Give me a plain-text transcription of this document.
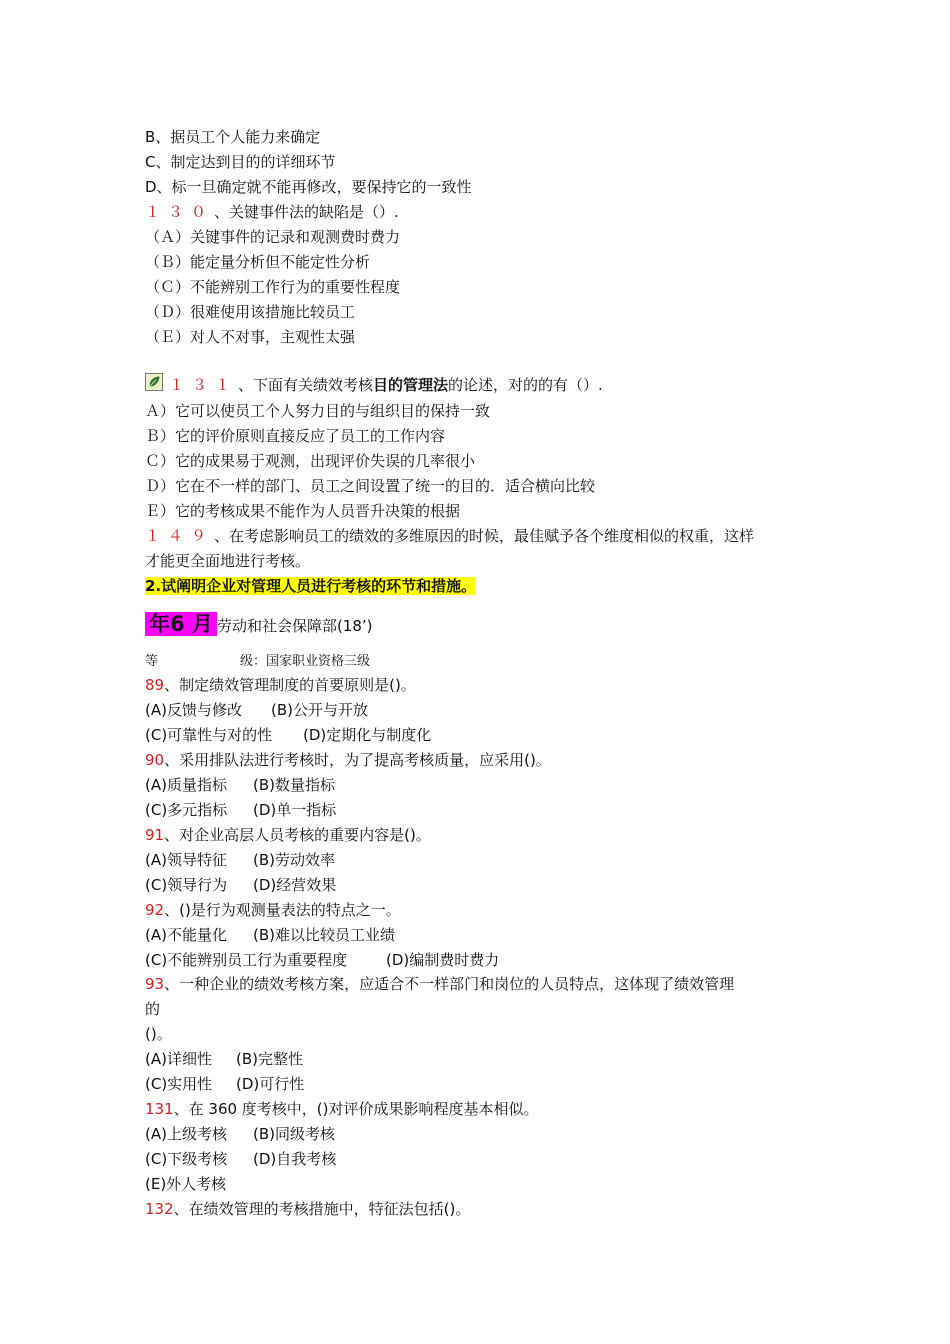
B、据员工个人能力来确定
C、制定达到目的的详细环节
D、标一旦确定就不能再修改，要保持它的一致性
１３０、关键事件法的缺陷是（）.
（Ａ）关键事件的记录和观测费时费力
（Ｂ）能定量分析但不能定性分析
（Ｃ）不能辨别工作行为的重要性程度
（Ｄ）很难使用该措施比较员工
（Ｅ）对人不对事，主观性太强
１３１、下面有关绩效考核目的管理法的论述，对的的有（）.
Ａ）它可以使员工个人努力目的与组织目的保持一致
Ｂ）它的评价原则直接反应了员工的工作内容
Ｃ）它的成果易于观测，出现评价失误的几率很小
Ｄ）它在不一样的部门、员工之间设置了统一的目的．适合横向比较
Ｅ）它的考核成果不能作为人员晋升决策的根据
１４９、在考虑影响员工的绩效的多维原因的时候，最佳赋予各个维度相似的权重，这样
才能更全面地进行考核。
2.试阐明企业对管理人员进行考核的环节和措施。
年6 月 劳动和社会保障部(18’)
等	级：国家职业资格三级
89、制定绩效管理制度的首要原则是()。
(A)反馈与修改 (B)公开与开放
(C)可靠性与对的性 (D)定期化与制度化
90、采用排队法进行考核时，为了提高考核质量，应采用()。
(A)质量指标 (B)数量指标
(C)多元指标 (D)单一指标
91、对企业高层人员考核的重要内容是()。
(A)领导特征 (B)劳动效率
(C)领导行为 (D)经营效果
92、()是行为观测量表法的特点之一。
(A)不能量化 (B)难以比较员工业绩
(C)不能辨别员工行为重要程度	(D)编制费时费力
93、一种企业的绩效考核方案，应适合不一样部门和岗位的人员特点，这体现了绩效管理
的
()。
(A)详细性 (B)完整性
(C)实用性 (D)可行性
131、在 360 度考核中，()对评价成果影响程度基本相似。
(A)上级考核 (B)同级考核
(C)下级考核 (D)自我考核
(E)外人考核
132、在绩效管理的考核措施中，特征法包括()。
